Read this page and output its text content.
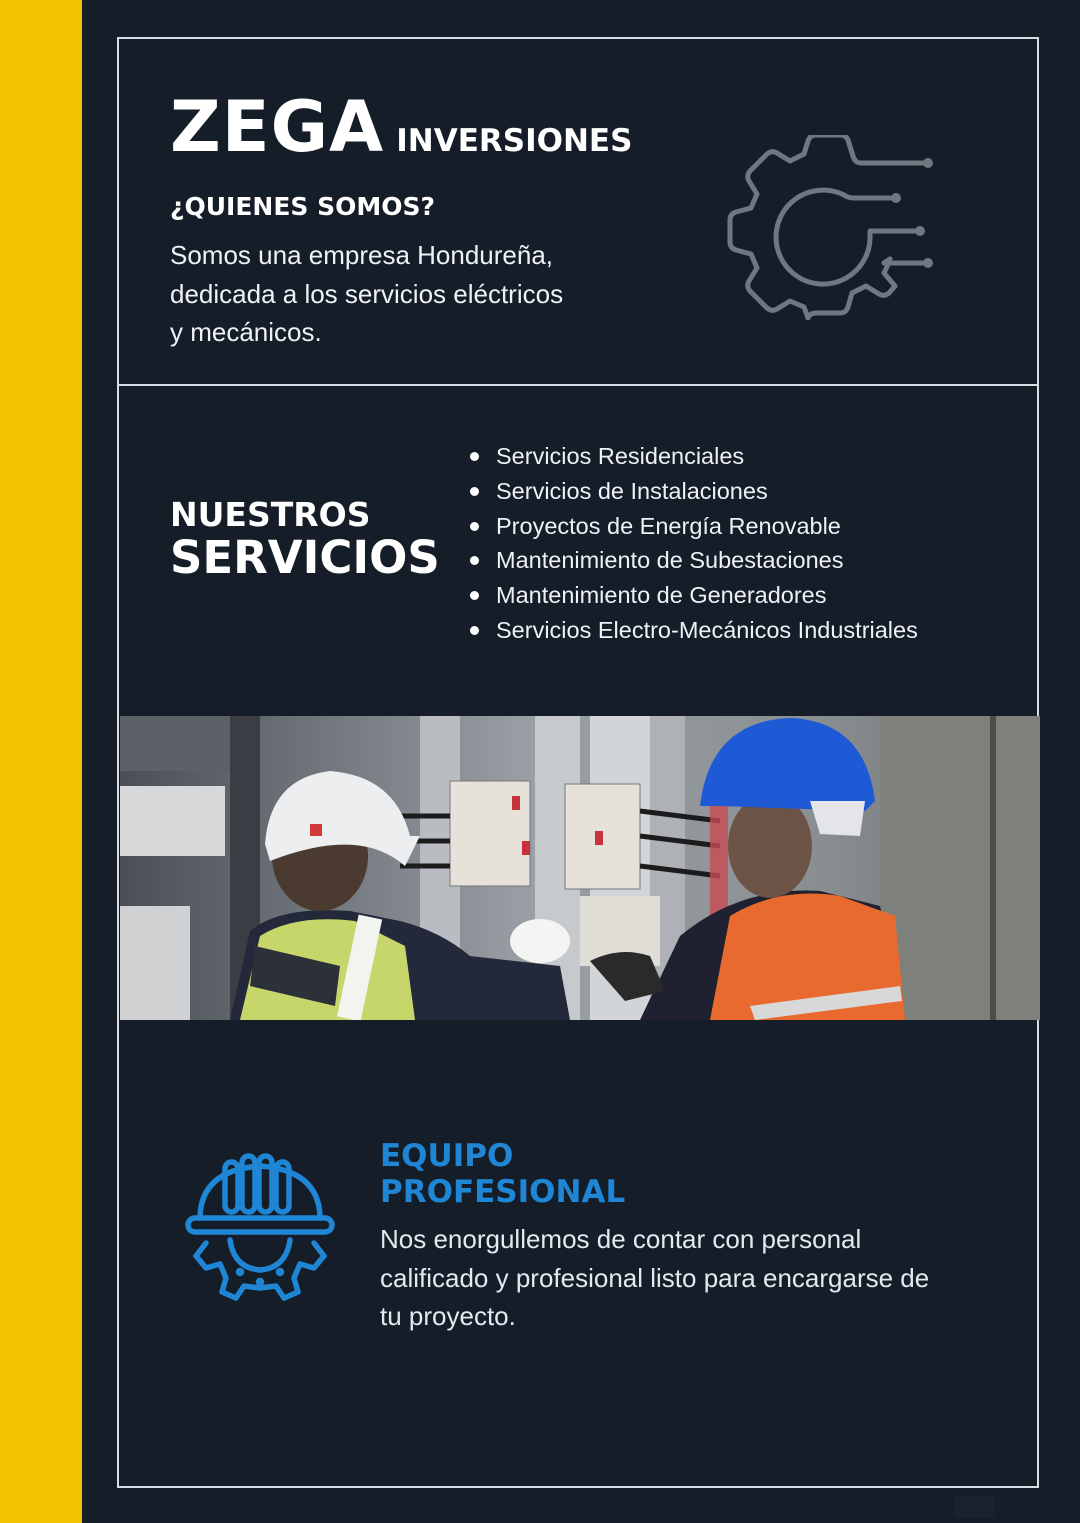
ZEGA INVERSIONES
¿QUIENES SOMOS?
Somos una empresa Hondureña,
dedicada a los servicios eléctricos
y mecánicos.
NUESTROS
SERVICIOS
Servicios Residenciales
Servicios de Instalaciones
Proyectos de Energía Renovable
Mantenimiento de Subestaciones
Mantenimiento de Generadores
Servicios Electro-Mecánicos Industriales
EQUIPO
PROFESIONAL
Nos enorgullemos de contar con personal
calificado y profesional listo para encargarse de
tu proyecto.
